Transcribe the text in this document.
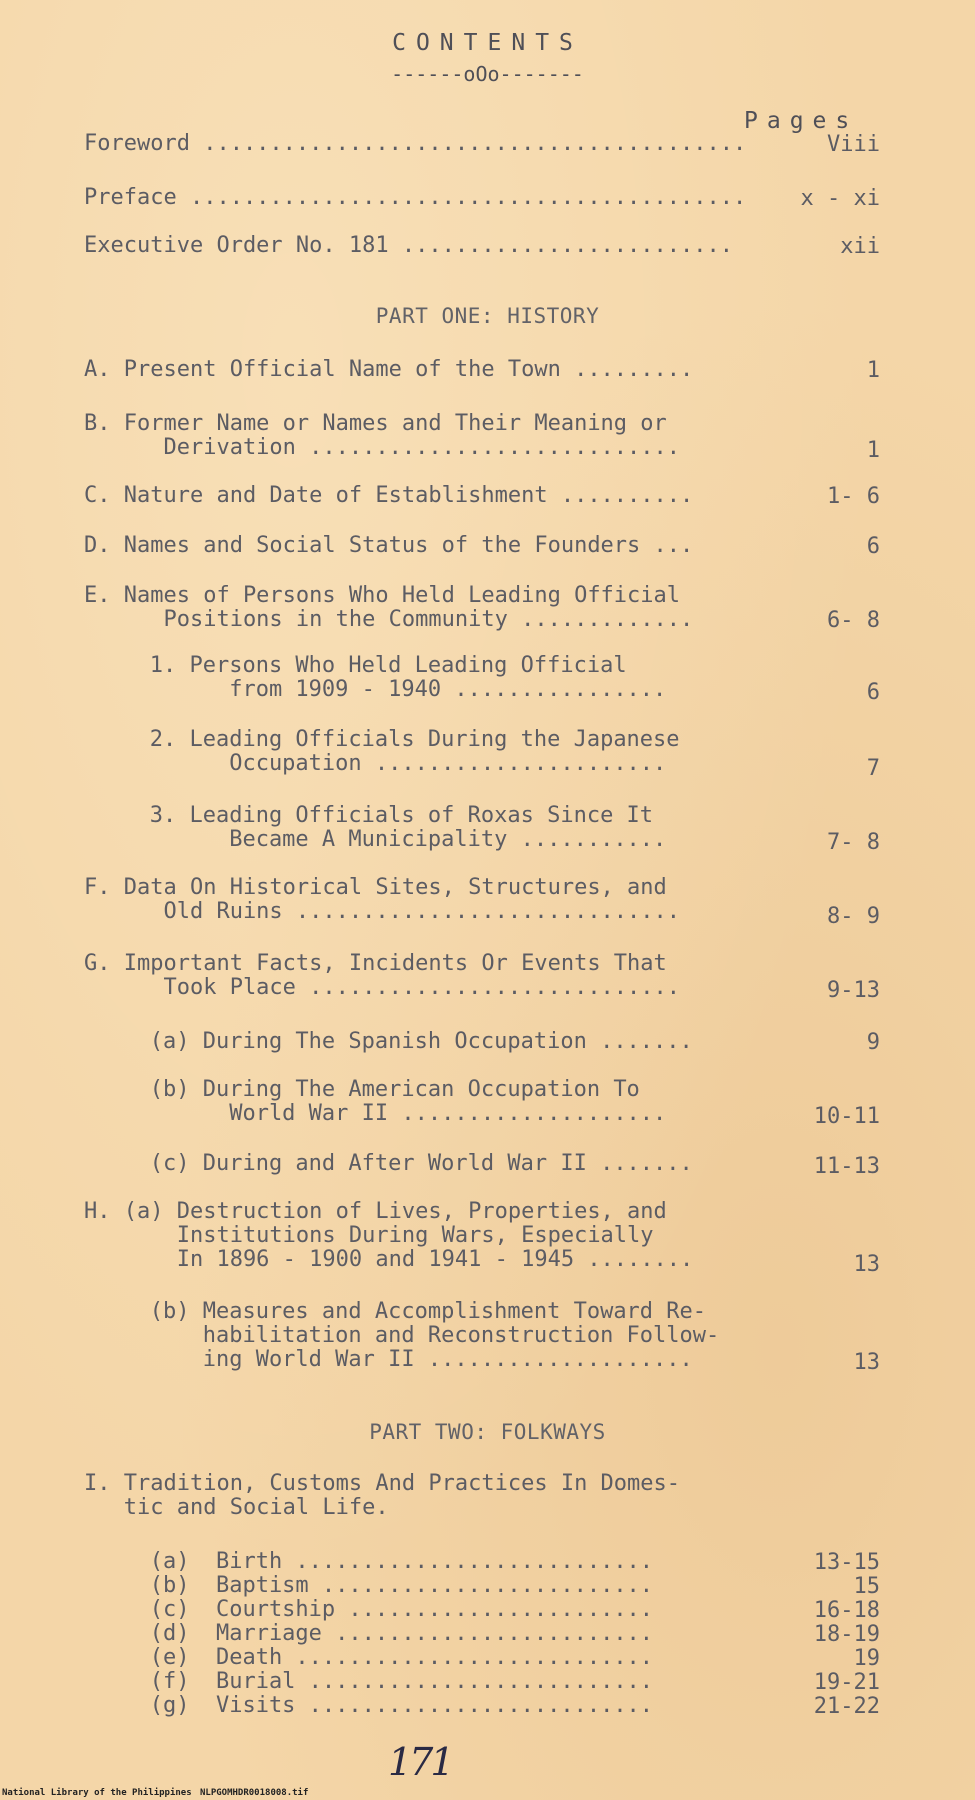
CONTENTS
------oOo-------
Pages
Foreword .........................................	Viii
Preface .......................................... x - xi
Executive Order No. 181 .........................	xii
PART ONE: HISTORY
A. Present Official Name of the Town .........	1
B. Former Name or Names and Their Meaning or
Derivation ............................	1
C. Nature and Date of Establishment ..........	1- 6
D. Names and Social Status of the Founders ...	6
E. Names of Persons Who Held Leading Official
Positions in the Community .............	6- 8
1. Persons Who Held Leading Official
from 1909 - 1940 ................	6
2. Leading Officials During the Japanese
Occupation ......................	7
3. Leading Officials of Roxas Since It
Became A Municipality ...........	7- 8
F. Data On Historical Sites, Structures, and
Old Ruins .............................	8- 9
G. Important Facts, Incidents Or Events That
Took Place ............................	9-13
(a) During The Spanish Occupation .......	9
(b) During The American Occupation To
World War II ....................	10-11
(c) During and After World War II .......	11-13
H. (a) Destruction of Lives, Properties, and
Institutions During Wars, Especially
In 1896 - 1900 and 1941 - 1945 ........	13
(b) Measures and Accomplishment Toward Re-
habilitation and Reconstruction Follow-
ing World War II ....................	13
PART TWO: FOLKWAYS
I. Tradition, Customs And Practices In Domes-
tic and Social Life.
(a)  Birth ...........................	13-15
(b)  Baptism .........................	15
(c)  Courtship .......................	16-18
(d)  Marriage ........................	18-19
(e)  Death ...........................	19
(f)  Burial ..........................	19-21
(g)  Visits ..........................	21-22
171
National Library of the Philippines NLPGOMHDR0018008.tif
